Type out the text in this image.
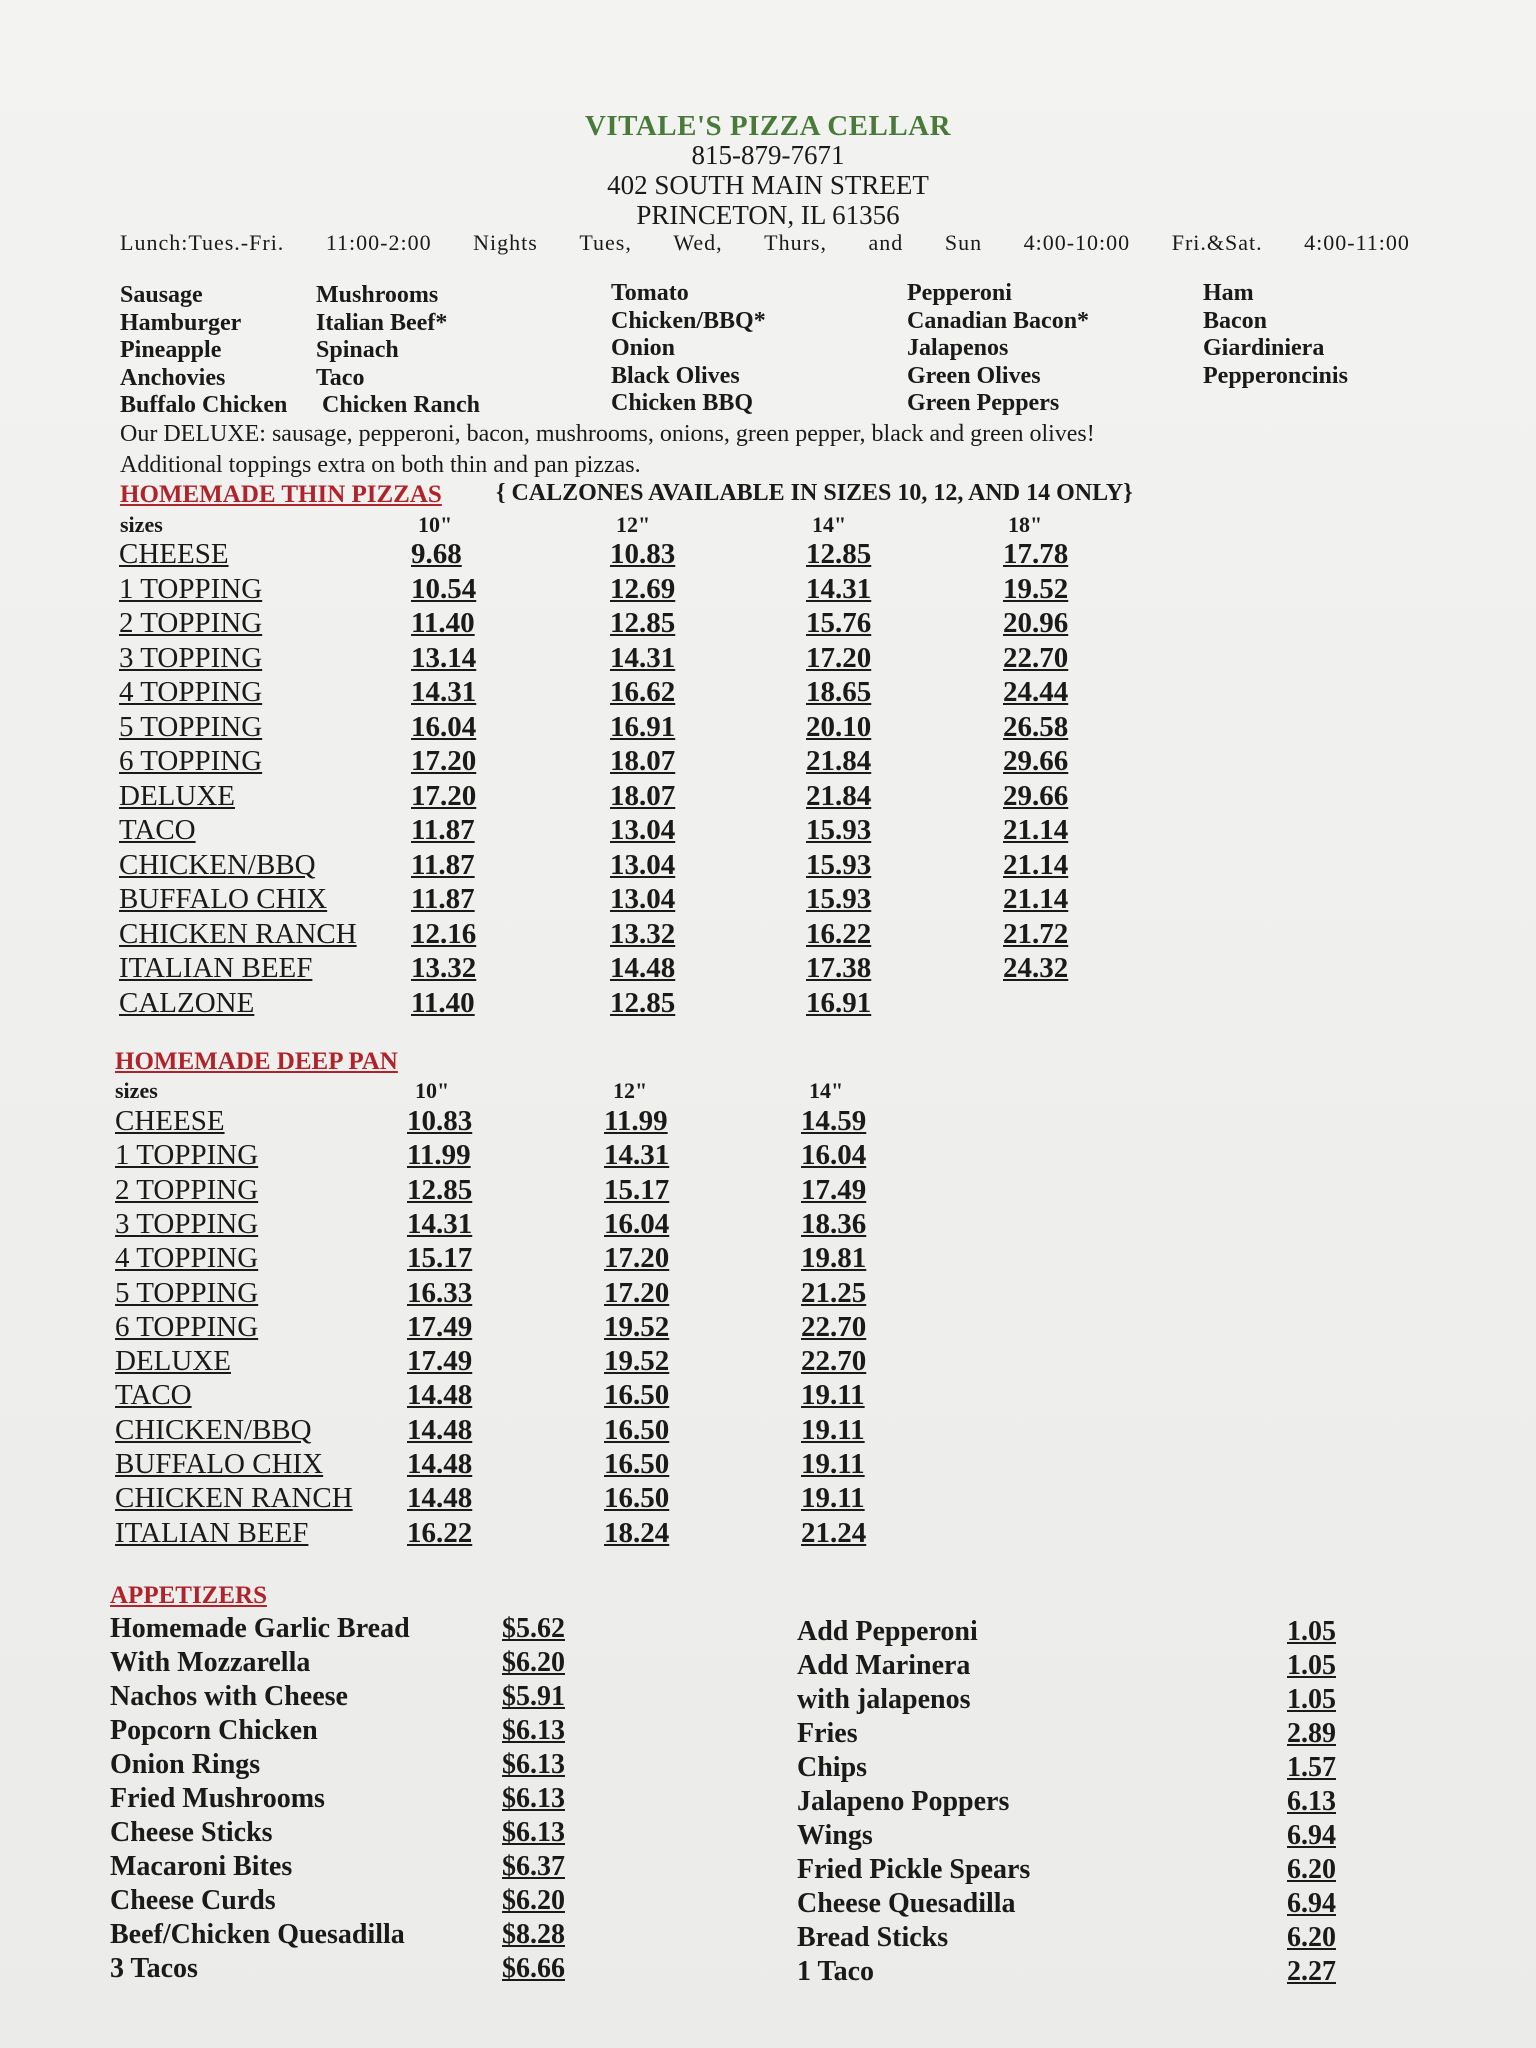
VITALE'S PIZZA CELLAR
815-879-7671
402 SOUTH MAIN STREET
PRINCETON, IL 61356
Lunch:Tues.-Fri. 11:00-2:00 Nights Tues, Wed, Thurs, and Sun 4:00-10:00 Fri.&Sat. 4:00-11:00
Sausage
Hamburger
Pineapple
Anchovies
Buffalo Chicken
Mushrooms
Italian Beef*
Spinach
Taco
Chicken Ranch
Tomato
Chicken/BBQ*
Onion
Black Olives
Chicken BBQ
Pepperoni
Canadian Bacon*
Jalapenos
Green Olives
Green Peppers
Ham
Bacon
Giardiniera
Pepperoncinis
Our DELUXE: sausage, pepperoni, bacon, mushrooms, onions, green pepper, black and green olives!
Additional toppings extra on both thin and pan pizzas.
HOMEMADE THIN PIZZAS { CALZONES AVAILABLE IN SIZES 10, 12, AND 14 ONLY}
sizes	10"	12"	14"	18"
CHEESE	9.68	10.83	12.85	17.78
1 TOPPING	10.54	12.69	14.31	19.52
2 TOPPING	11.40	12.85	15.76	20.96
3 TOPPING	13.14	14.31	17.20	22.70
4 TOPPING	14.31	16.62	18.65	24.44
5 TOPPING	16.04	16.91	20.10	26.58
6 TOPPING	17.20	18.07	21.84	29.66
DELUXE	17.20	18.07	21.84	29.66
TACO	11.87	13.04	15.93	21.14
CHICKEN/BBQ	11.87	13.04	15.93	21.14
BUFFALO CHIX	11.87	13.04	15.93	21.14
CHICKEN RANCH 12.16	13.32	16.22	21.72
ITALIAN BEEF	13.32	14.48	17.38	24.32
CALZONE	11.40	12.85	16.91
HOMEMADE DEEP PAN
sizes	10"	12"	14"
CHEESE	10.83	11.99	14.59
1 TOPPING	11.99	14.31	16.04
2 TOPPING	12.85	15.17	17.49
3 TOPPING	14.31	16.04	18.36
4 TOPPING	15.17	17.20	19.81
5 TOPPING	16.33	17.20	21.25
6 TOPPING	17.49	19.52	22.70
DELUXE	17.49	19.52	22.70
TACO	14.48	16.50	19.11
CHICKEN/BBQ	14.48	16.50	19.11
BUFFALO CHIX	14.48	16.50	19.11
CHICKEN RANCH 14.48	16.50	19.11
ITALIAN BEEF	16.22	18.24	21.24
APPETIZERS
Homemade Garlic Bread	$5.62
With Mozzarella	$6.20
Nachos with Cheese	$5.91
Popcorn Chicken	$6.13
Onion Rings	$6.13
Fried Mushrooms	$6.13
Cheese Sticks	$6.13
Macaroni Bites	$6.37
Cheese Curds	$6.20
Beef/Chicken Quesadilla	$8.28
3 Tacos	$6.66
Add Pepperoni	1.05
Add Marinera	1.05
with jalapenos	1.05
Fries	2.89
Chips	1.57
Jalapeno Poppers	6.13
Wings	6.94
Fried Pickle Spears	6.20
Cheese Quesadilla	6.94
Bread Sticks	6.20
1 Taco	2.27
